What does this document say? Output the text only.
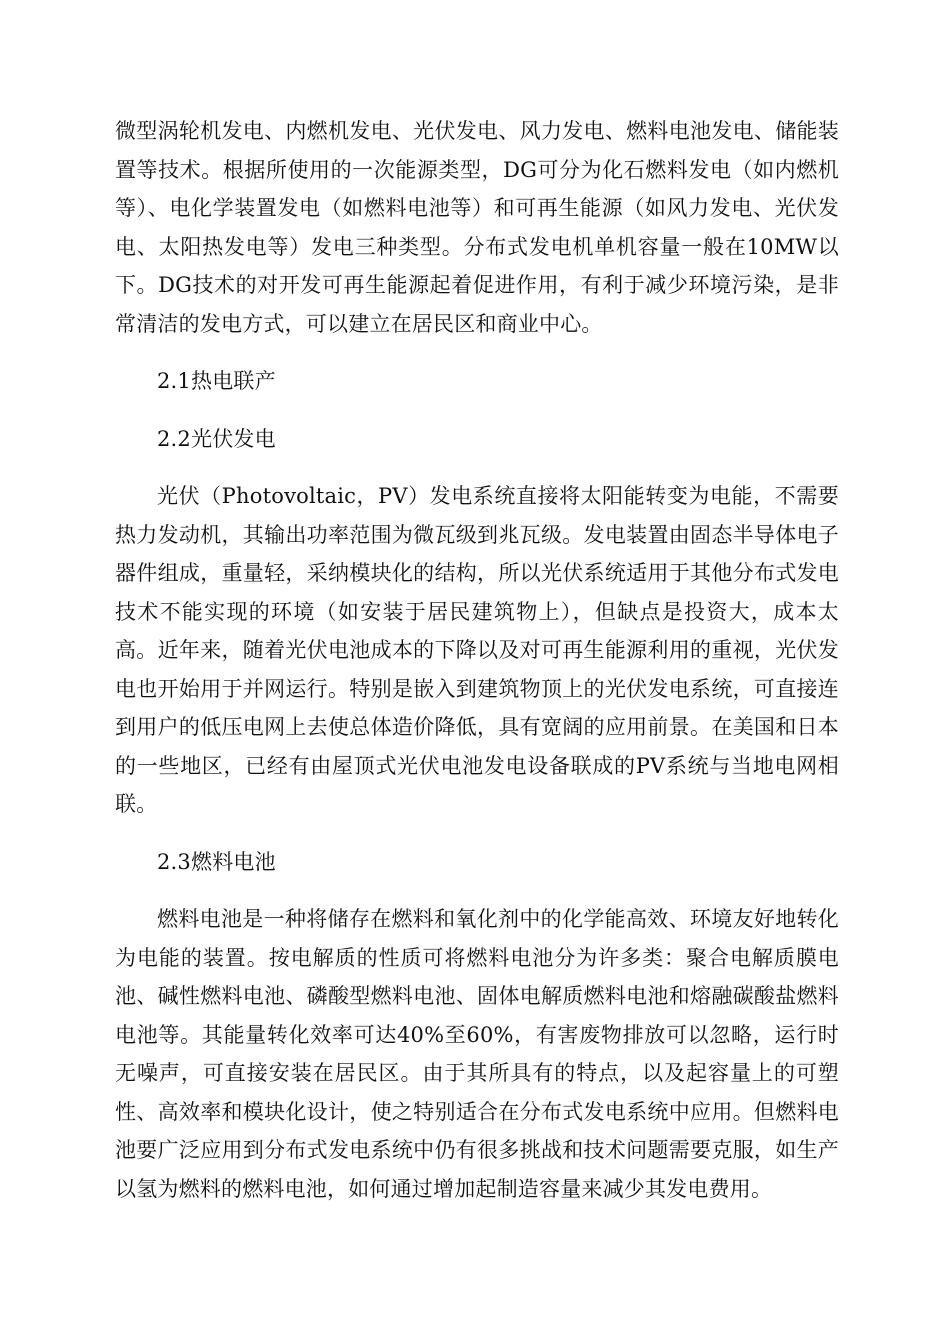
微型涡轮机发电、内燃机发电、光伏发电、风力发电、燃料电池发电、储能装置等技术。根据所使用的一次能源类型，DG可分为化石燃料发电（如内燃机等）、电化学装置发电（如燃料电池等）和可再生能源（如风力发电、光伏发电、太阳热发电等）发电三种类型。分布式发电机单机容量一般在10MW以下。DG技术的对开发可再生能源起着促进作用，有利于减少环境污染，是非常清洁的发电方式，可以建立在居民区和商业中心。

2.1热电联产

2.2光伏发电

光伏（Photovoltaic，PV）发电系统直接将太阳能转变为电能，不需要热力发动机，其输出功率范围为微瓦级到兆瓦级。发电装置由固态半导体电子器件组成，重量轻，采纳模块化的结构，所以光伏系统适用于其他分布式发电技术不能实现的环境（如安装于居民建筑物上），但缺点是投资大，成本太高。近年来，随着光伏电池成本的下降以及对可再生能源利用的重视，光伏发电也开始用于并网运行。特别是嵌入到建筑物顶上的光伏发电系统，可直接连到用户的低压电网上去使总体造价降低，具有宽阔的应用前景。在美国和日本的一些地区，已经有由屋顶式光伏电池发电设备联成的PV系统与当地电网相联。

2.3燃料电池

燃料电池是一种将储存在燃料和氧化剂中的化学能高效、环境友好地转化为电能的装置。按电解质的性质可将燃料电池分为许多类：聚合电解质膜电池、碱性燃料电池、磷酸型燃料电池、固体电解质燃料电池和熔融碳酸盐燃料电池等。其能量转化效率可达40%至60%，有害废物排放可以忽略，运行时无噪声，可直接安装在居民区。由于其所具有的特点，以及起容量上的可塑性、高效率和模块化设计，使之特别适合在分布式发电系统中应用。但燃料电池要广泛应用到分布式发电系统中仍有很多挑战和技术问题需要克服，如生产以氢为燃料的燃料电池，如何通过增加起制造容量来减少其发电费用。
